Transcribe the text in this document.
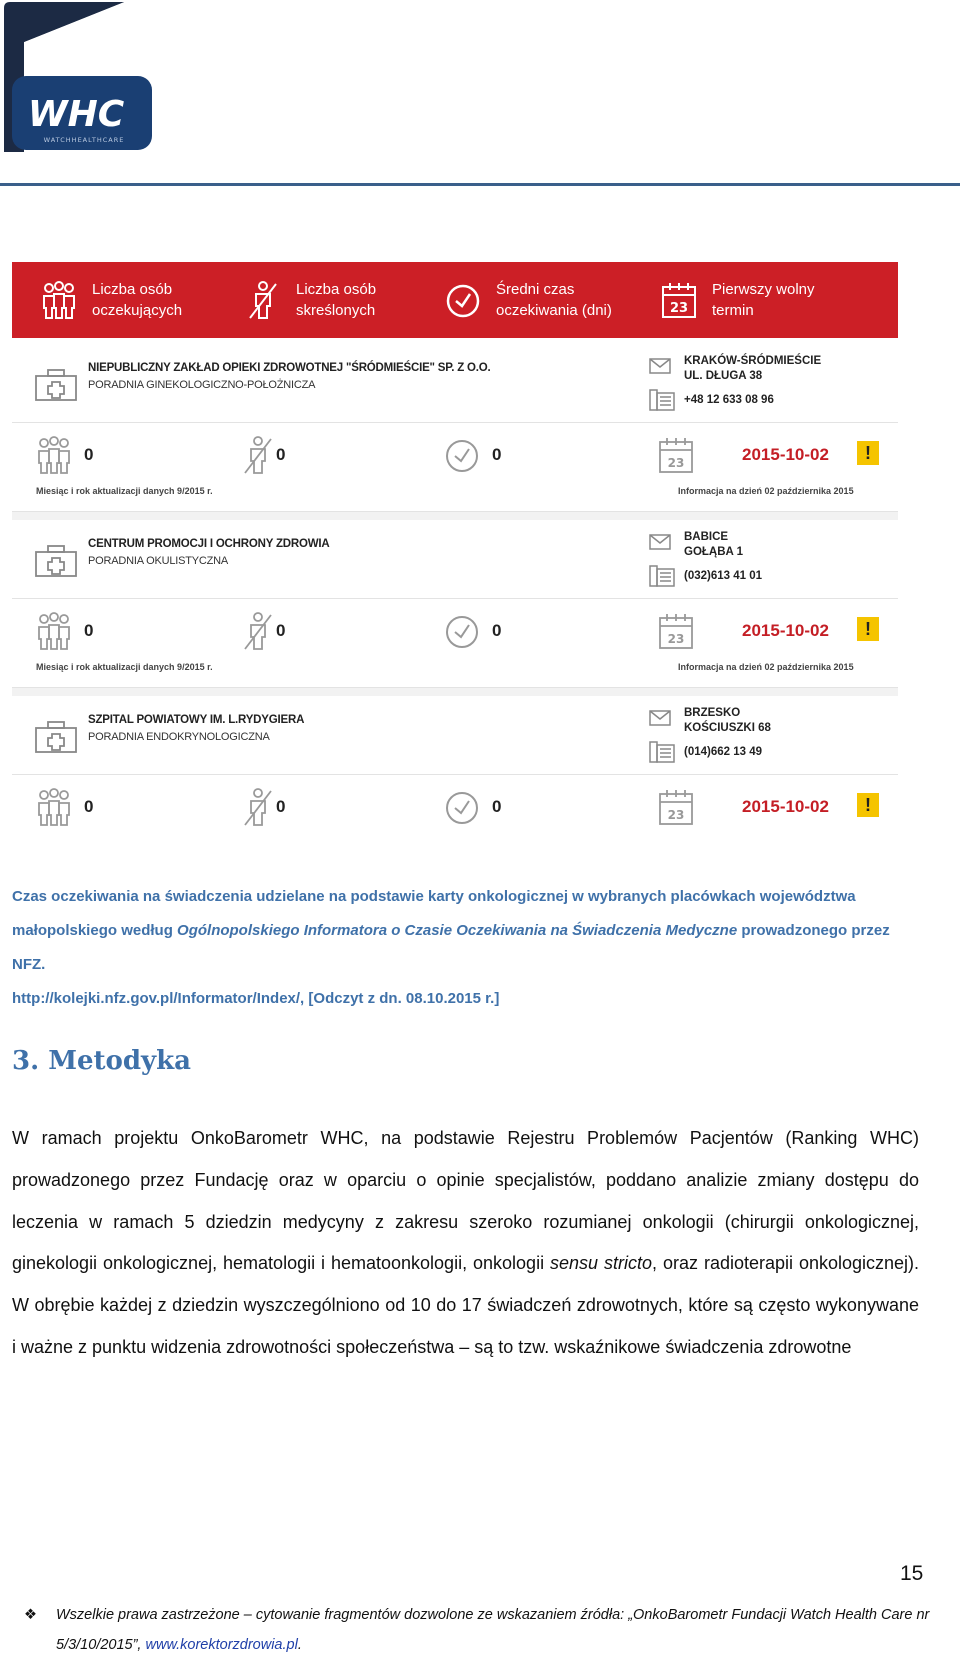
WHC
WATCHHEALTHCARE
Liczba osób
oczekujących
Liczba osób
skreślonych
Średni czas
oczekiwania (dni)	23
Pierwszy wolny
termin
NIEPUBLICZNY ZAKŁAD OPIEKI ZDROWOTNEJ "ŚRÓDMIEŚCIE" SP. Z O.O.
PORADNIA GINEKOLOGICZNO-POŁOŻNICZA
KRAKÓW-ŚRÓDMIEŚCIE
UL. DŁUGA 38
+48 12 633 08 96
0	0	0	23	2015-10-02	!
Miesiąc i rok aktualizacji danych 9/2015 r.	Informacja na dzień 02 października 2015
CENTRUM PROMOCJI I OCHRONY ZDROWIA
PORADNIA OKULISTYCZNA
BABICE
GOŁĄBA 1
(032)613 41 01
0	0	0	23	2015-10-02	!
Miesiąc i rok aktualizacji danych 9/2015 r.	Informacja na dzień 02 października 2015
SZPITAL POWIATOWY IM. L.RYDYGIERA
PORADNIA ENDOKRYNOLOGICZNA
BRZESKO
KOŚCIUSZKI 68
(014)662 13 49
0	0	0	23	2015-10-02	!
Czas oczekiwania na świadczenia udzielane na podstawie karty onkologicznej w wybranych placówkach województwa małopolskiego według Ogólnopolskiego Informatora o Czasie Oczekiwania na Świadczenia Medyczne prowadzonego przez NFZ.
http://kolejki.nfz.gov.pl/Informator/Index/, [Odczyt z dn. 08.10.2015 r.]
3. Metodyka
W ramach projektu OnkoBarometr WHC, na podstawie Rejestru Problemów Pacjentów (Ranking WHC) prowadzonego przez Fundację oraz w oparciu o opinie specjalistów, poddano analizie zmiany dostępu do leczenia w ramach 5 dziedzin medycyny z zakresu szeroko rozumianej onkologii (chirurgii onkologicznej, ginekologii onkologicznej, hematologii i hematoonkologii, onkologii sensu stricto, oraz radioterapii onkologicznej). W obrębie każdej z dziedzin wyszczególniono od 10 do 17 świadczeń zdrowotnych, które są często wykonywane i ważne z punktu widzenia zdrowotności społeczeństwa – są to tzw. wskaźnikowe świadczenia zdrowotne
15
❖ Wszelkie prawa zastrzeżone – cytowanie fragmentów dozwolone ze wskazaniem źródła: „OnkoBarometr Fundacji Watch Health Care nr 5/3/10/2015”, www.korektorzdrowia.pl.
